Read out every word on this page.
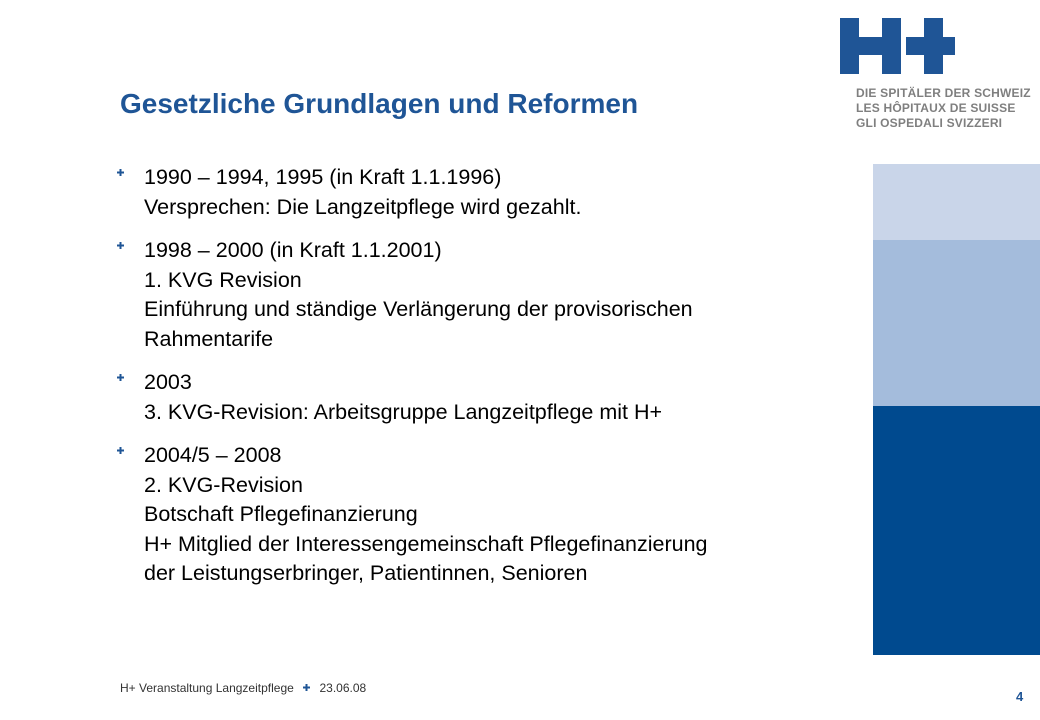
DIE SPITÄLER DER SCHWEIZ
LES HÔPITAUX DE SUISSE
GLI OSPEDALI SVIZZERI
Gesetzliche Grundlagen und Reformen
1990 – 1994, 1995 (in Kraft 1.1.1996)
Versprechen: Die Langzeitpflege wird gezahlt.
1998 – 2000 (in Kraft 1.1.2001)
1. KVG Revision
Einführung und ständige Verlängerung der provisorischen
Rahmentarife
2003
3. KVG-Revision: Arbeitsgruppe Langzeitpflege mit H+
2004/5 – 2008
2. KVG-Revision
Botschaft Pflegefinanzierung
H+ Mitglied der Interessengemeinschaft Pflegefinanzierung
der Leistungserbringer, Patientinnen, Senioren
H+ Veranstaltung Langzeitpflege 23.06.08
4
